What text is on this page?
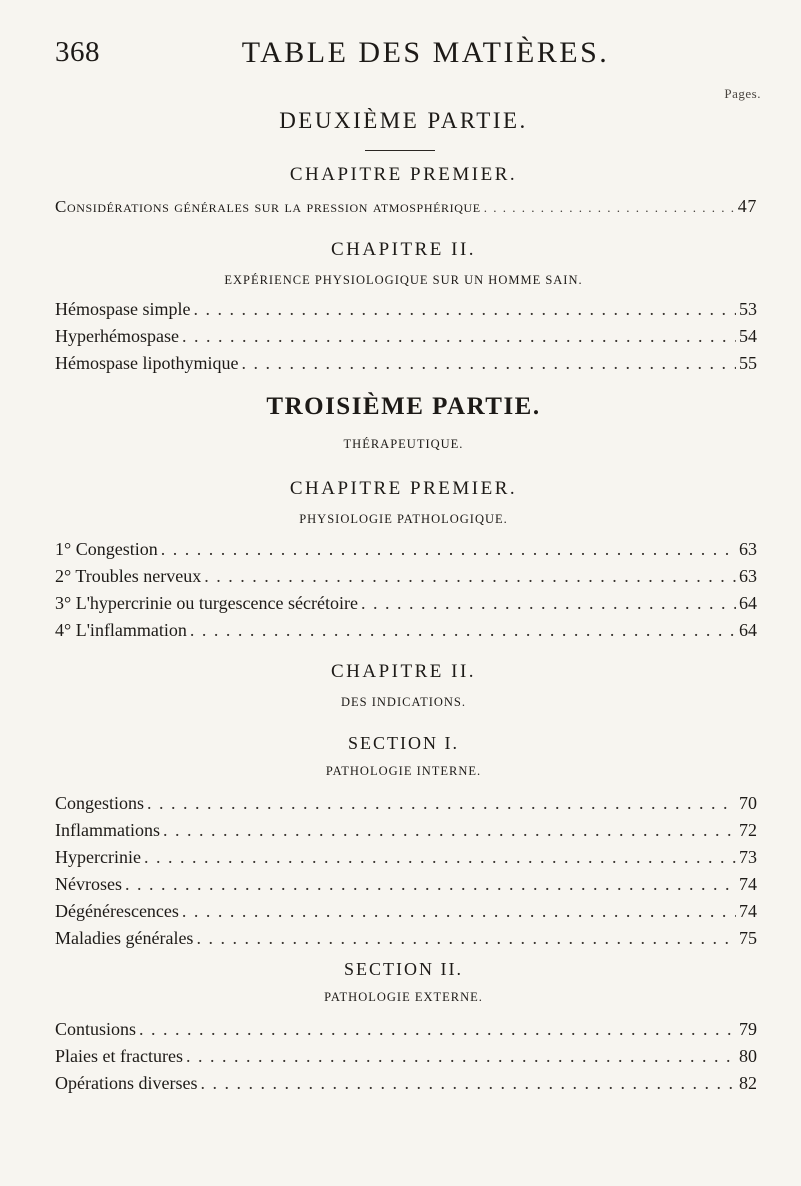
368	TABLE DES MATIÈRES.
Pages.
DEUXIÈME PARTIE.
CHAPITRE PREMIER.
Considérations générales sur la pression atmosphérique . . .	47
CHAPITRE II.
EXPÉRIENCE PHYSIOLOGIQUE SUR UN HOMME SAIN.
Hémospase simple . . .	53
Hyperhémospase . . .	54
Hémospase lipothymique . . .	55
TROISIÈME PARTIE.
THÉRAPEUTIQUE.
CHAPITRE PREMIER.
PHYSIOLOGIE PATHOLOGIQUE.
1° Congestion . . .	63
2° Troubles nerveux . . .	63
3° L'hypercrinie ou turgescence sécrétoire . . .	64
4° L'inflammation . . .	64
CHAPITRE II.
DES INDICATIONS.
SECTION I.
PATHOLOGIE INTERNE.
Congestions . . .	70
Inflammations . . .	72
Hypercrinie . . .	73
Névroses . . .	74
Dégénérescences . . .	74
Maladies générales . . .	75
SECTION II.
PATHOLOGIE EXTERNE.
Contusions . . .	79
Plaies et fractures . . .	80
Opérations diverses . . .	82
